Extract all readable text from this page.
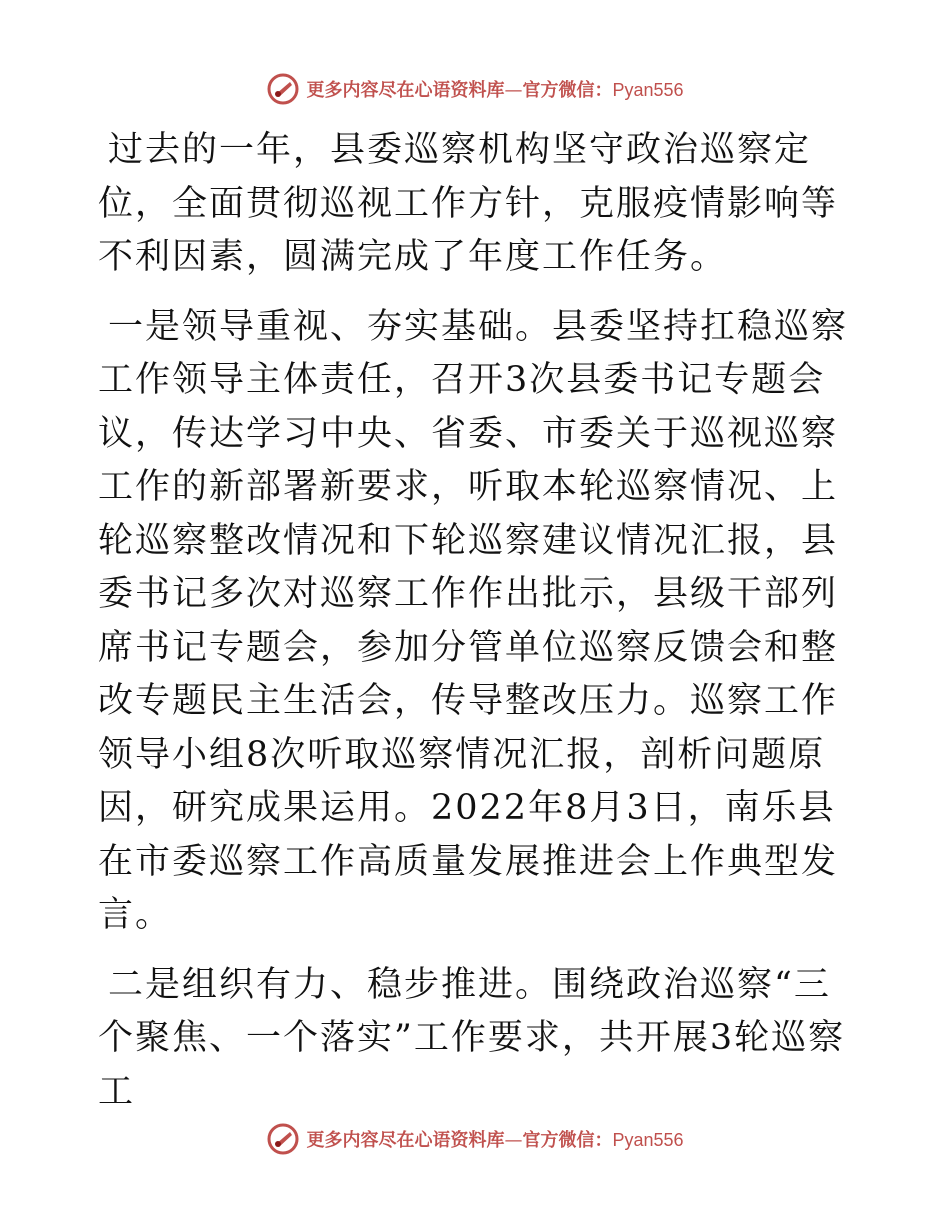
更多内容尽在心语资料库—官方微信：Pyan556

过去的一年，县委巡察机构坚守政治巡察定位，全面贯彻巡视工作方针，克服疫情影响等不利因素，圆满完成了年度工作任务。

一是领导重视、夯实基础。县委坚持扛稳巡察工作领导主体责任，召开3次县委书记专题会议，传达学习中央、省委、市委关于巡视巡察工作的新部署新要求，听取本轮巡察情况、上轮巡察整改情况和下轮巡察建议情况汇报，县委书记多次对巡察工作作出批示，县级干部列席书记专题会，参加分管单位巡察反馈会和整改专题民主生活会，传导整改压力。巡察工作领导小组8次听取巡察情况汇报，剖析问题原因，研究成果运用。2022年8月3日，南乐县在市委巡察工作高质量发展推进会上作典型发言。

二是组织有力、稳步推进。围绕政治巡察“三个聚焦、一个落实”工作要求，共开展3轮巡察工

更多内容尽在心语资料库—官方微信：Pyan556
